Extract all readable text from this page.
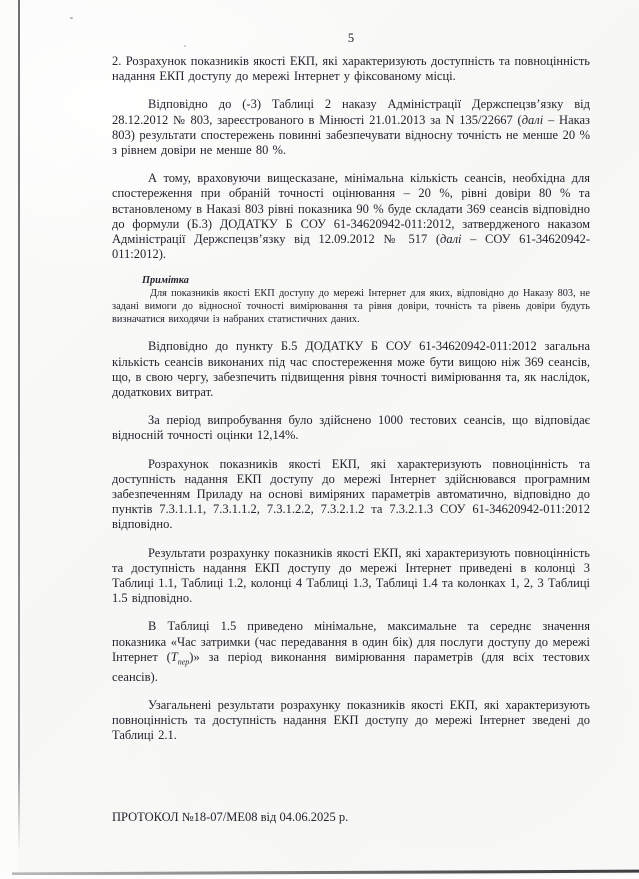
5

2. Розрахунок показників якості ЕКП, які характеризують доступність та повноцінність надання ЕКП доступу до мережі Інтернет у фіксованому місці.

Відповідно до (-3) Таблиці 2 наказу Адміністрації Держспецзв’язку від 28.12.2012 № 803, зареєстрованого в Мінюсті 21.01.2013 за N 135/22667 (далі – Наказ 803) результати спостережень повинні забезпечувати відносну точність не менше 20 % з рівнем довіри не менше 80 %.

А тому, враховуючи вищесказане, мінімальна кількість сеансів, необхідна для спостереження при обраній точності оцінювання – 20 %, рівні довіри 80 % та встановленому в Наказі 803 рівні показника 90 % буде складати 369 сеансів відповідно до формули (Б.3) ДОДАТКУ Б СОУ 61-34620942-011:2012, затвердженого наказом Адміністрації Держспецзв’язку від 12.09.2012 № 517 (далі – СОУ 61-34620942-011:2012).

Примітка

Для показників якості ЕКП доступу до мережі Інтернет для яких, відповідно до Наказу 803, не задані вимоги до відносної точності вимірювання та рівня довіри, точність та рівень довіри будуть визначатися виходячи із набраних статистичних даних.

Відповідно до пункту Б.5 ДОДАТКУ Б СОУ 61-34620942-011:2012 загальна кількість сеансів виконаних під час спостереження може бути вищою ніж 369 сеансів, що, в свою чергу, забезпечить підвищення рівня точності вимірювання та, як наслідок, додаткових витрат.

За період випробування було здійснено 1000 тестових сеансів, що відповідає відносній точності оцінки 12,14%.

Розрахунок показників якості ЕКП, які характеризують повноцінність та доступність надання ЕКП доступу до мережі Інтернет здійснювався програмним забезпеченням Приладу на основі виміряних параметрів автоматично, відповідно до пунктів 7.3.1.1.1, 7.3.1.1.2, 7.3.1.2.2, 7.3.2.1.2 та 7.3.2.1.3 СОУ 61-34620942-011:2012 відповідно.

Результати розрахунку показників якості ЕКП, які характеризують повноцінність та доступність надання ЕКП доступу до мережі Інтернет приведені в колонці 3 Таблиці 1.1, Таблиці 1.2, колонці 4 Таблиці 1.3, Таблиці 1.4 та колонках 1, 2, 3 Таблиці 1.5 відповідно.

В Таблиці 1.5 приведено мінімальне, максимальне та середнє значення показника «Час затримки (час передавання в один бік) для послуги доступу до мережі Інтернет $(Т_{пер})$» за період виконання вимірювання параметрів (для всіх тестових сеансів).

Узагальнені результати розрахунку показників якості ЕКП, які характеризують повноцінність та доступність надання ЕКП доступу до мережі Інтернет зведені до Таблиці 2.1.

ПРОТОКОЛ №18-07/МЕ08 від 04.06.2025 р.
